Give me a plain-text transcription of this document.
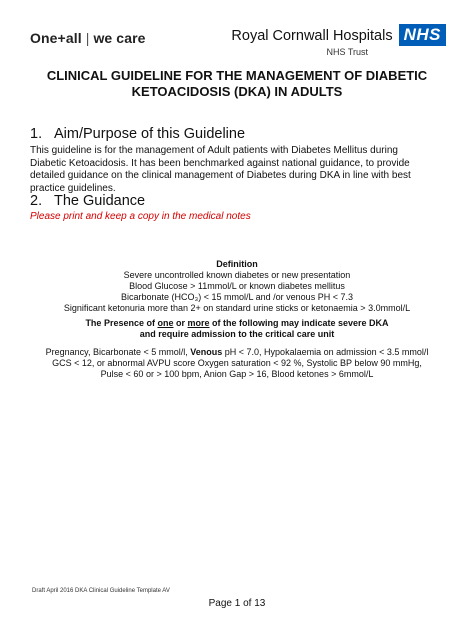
One+all | we care	Royal Cornwall Hospitals NHS
NHS Trust
CLINICAL GUIDELINE FOR THE MANAGEMENT OF DIABETIC
KETOACIDOSIS (DKA) IN ADULTS
1. Aim/Purpose of this Guideline
This guideline is for the management of Adult patients with Diabetes Mellitus during
Diabetic Ketoacidosis. It has been benchmarked against national guidance, to provide
detailed guidance on the clinical management of Diabetes during DKA in line with best
practice guidelines.
2. The Guidance
Please print and keep a copy in the medical notes
Definition
Severe uncontrolled known diabetes or new presentation
Blood Glucose > 11mmol/L or known diabetes mellitus
Bicarbonate (HCO₃) < 15 mmol/L and /or venous PH < 7.3
Significant ketonuria more than 2+ on standard urine sticks or ketonaemia > 3.0mmol/L
The Presence of one or more of the following may indicate severe DKA
and require admission to the critical care unit
Pregnancy, Bicarbonate < 5 mmol/l, Venous pH < 7.0, Hypokalaemia on admission < 3.5 mmol/l
GCS < 12, or abnormal AVPU score Oxygen saturation < 92 %, Systolic BP below 90 mmHg,
Pulse < 60 or > 100 bpm, Anion Gap > 16, Blood ketones > 6mmol/L
Draft April 2016 DKA Clinical Guideline Template AV
Page 1 of 13
